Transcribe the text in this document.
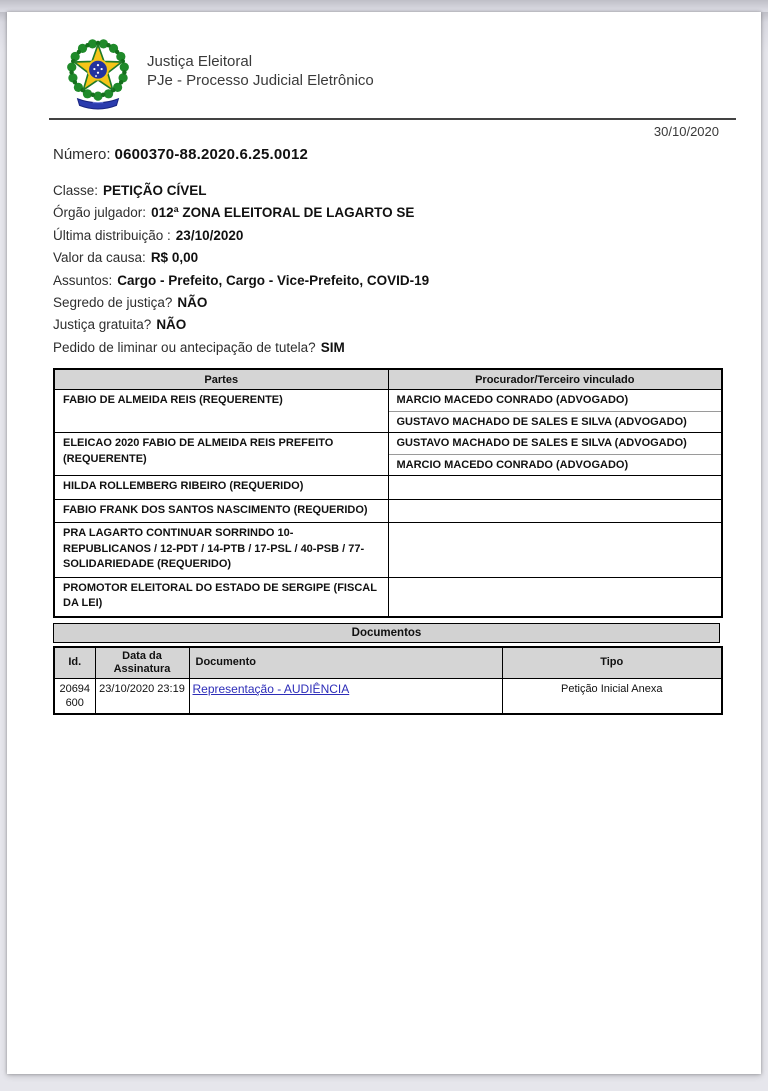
Justiça Eleitoral
PJe - Processo Judicial Eletrônico
30/10/2020
Número: 0600370-88.2020.6.25.0012
Classe: PETIÇÃO CÍVEL
Órgão julgador: 012ª ZONA ELEITORAL DE LAGARTO SE
Última distribuição : 23/10/2020
Valor da causa: R$ 0,00
Assuntos: Cargo - Prefeito, Cargo - Vice-Prefeito, COVID-19
Segredo de justiça? NÃO
Justiça gratuita? NÃO
Pedido de liminar ou antecipação de tutela? SIM
Partes	Procurador/Terceiro vinculado
FABIO DE ALMEIDA REIS (REQUERENTE)	MARCIO MACEDO CONRADO (ADVOGADO)
GUSTAVO MACHADO DE SALES E SILVA (ADVOGADO)

ELEICAO 2020 FABIO DE ALMEIDA REIS PREFEITO (REQUERENTE)	GUSTAVO MACHADO DE SALES E SILVA (ADVOGADO)
MARCIO MACEDO CONRADO (ADVOGADO)

HILDA ROLLEMBERG RIBEIRO (REQUERIDO)	
FABIO FRANK DOS SANTOS NASCIMENTO (REQUERIDO)	
PRA LAGARTO CONTINUAR SORRINDO 10-REPUBLICANOS / 12-PDT / 14-PTB / 17-PSL / 40-PSB / 77-SOLIDARIEDADE (REQUERIDO)	
PROMOTOR ELEITORAL DO ESTADO DE SERGIPE (FISCAL DA LEI)	
Documentos
Id.	Data da Assinatura	Documento	Tipo
20694600	23/10/2020 23:19	Representação - AUDIÊNCIA	Petição Inicial Anexa
